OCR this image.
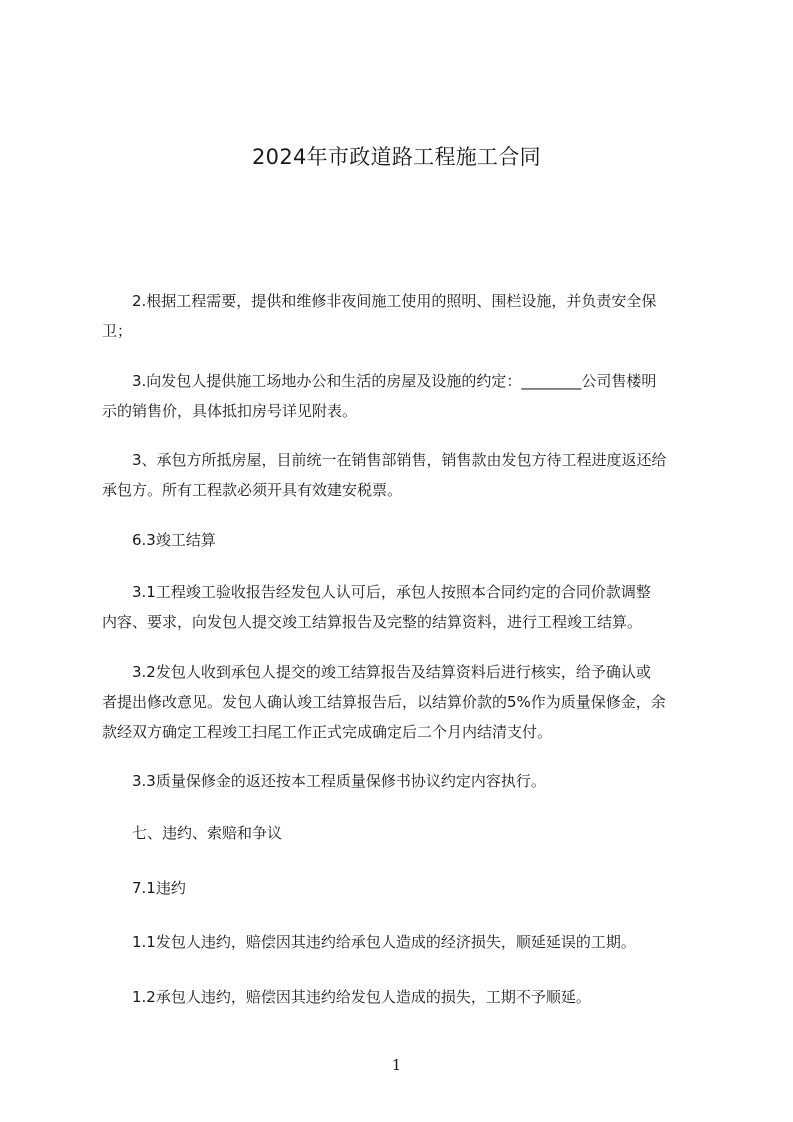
2024年市政道路工程施工合同
　　2.根据工程需要，提供和维修非夜间施工使用的照明、围栏设施，并负责安全保
卫；
　　3.向发包人提供施工场地办公和生活的房屋及设施的约定：________公司售楼明
示的销售价，具体抵扣房号详见附表。
　　3、承包方所抵房屋，目前统一在销售部销售，销售款由发包方待工程进度返还给
承包方。所有工程款必须开具有效建安税票。
　　6.3竣工结算
　　3.1工程竣工验收报告经发包人认可后，承包人按照本合同约定的合同价款调整
内容、要求，向发包人提交竣工结算报告及完整的结算资料，进行工程竣工结算。
　　3.2发包人收到承包人提交的竣工结算报告及结算资料后进行核实，给予确认或
者提出修改意见。发包人确认竣工结算报告后，以结算价款的5%作为质量保修金，余
款经双方确定工程竣工扫尾工作正式完成确定后二个月内结清支付。
　　3.3质量保修金的返还按本工程质量保修书协议约定内容执行。
　　七、违约、索赔和争议
　　7.1违约
　　1.1发包人违约，赔偿因其违约给承包人造成的经济损失，顺延延误的工期。
　　1.2承包人违约，赔偿因其违约给发包人造成的损失，工期不予顺延。
1
